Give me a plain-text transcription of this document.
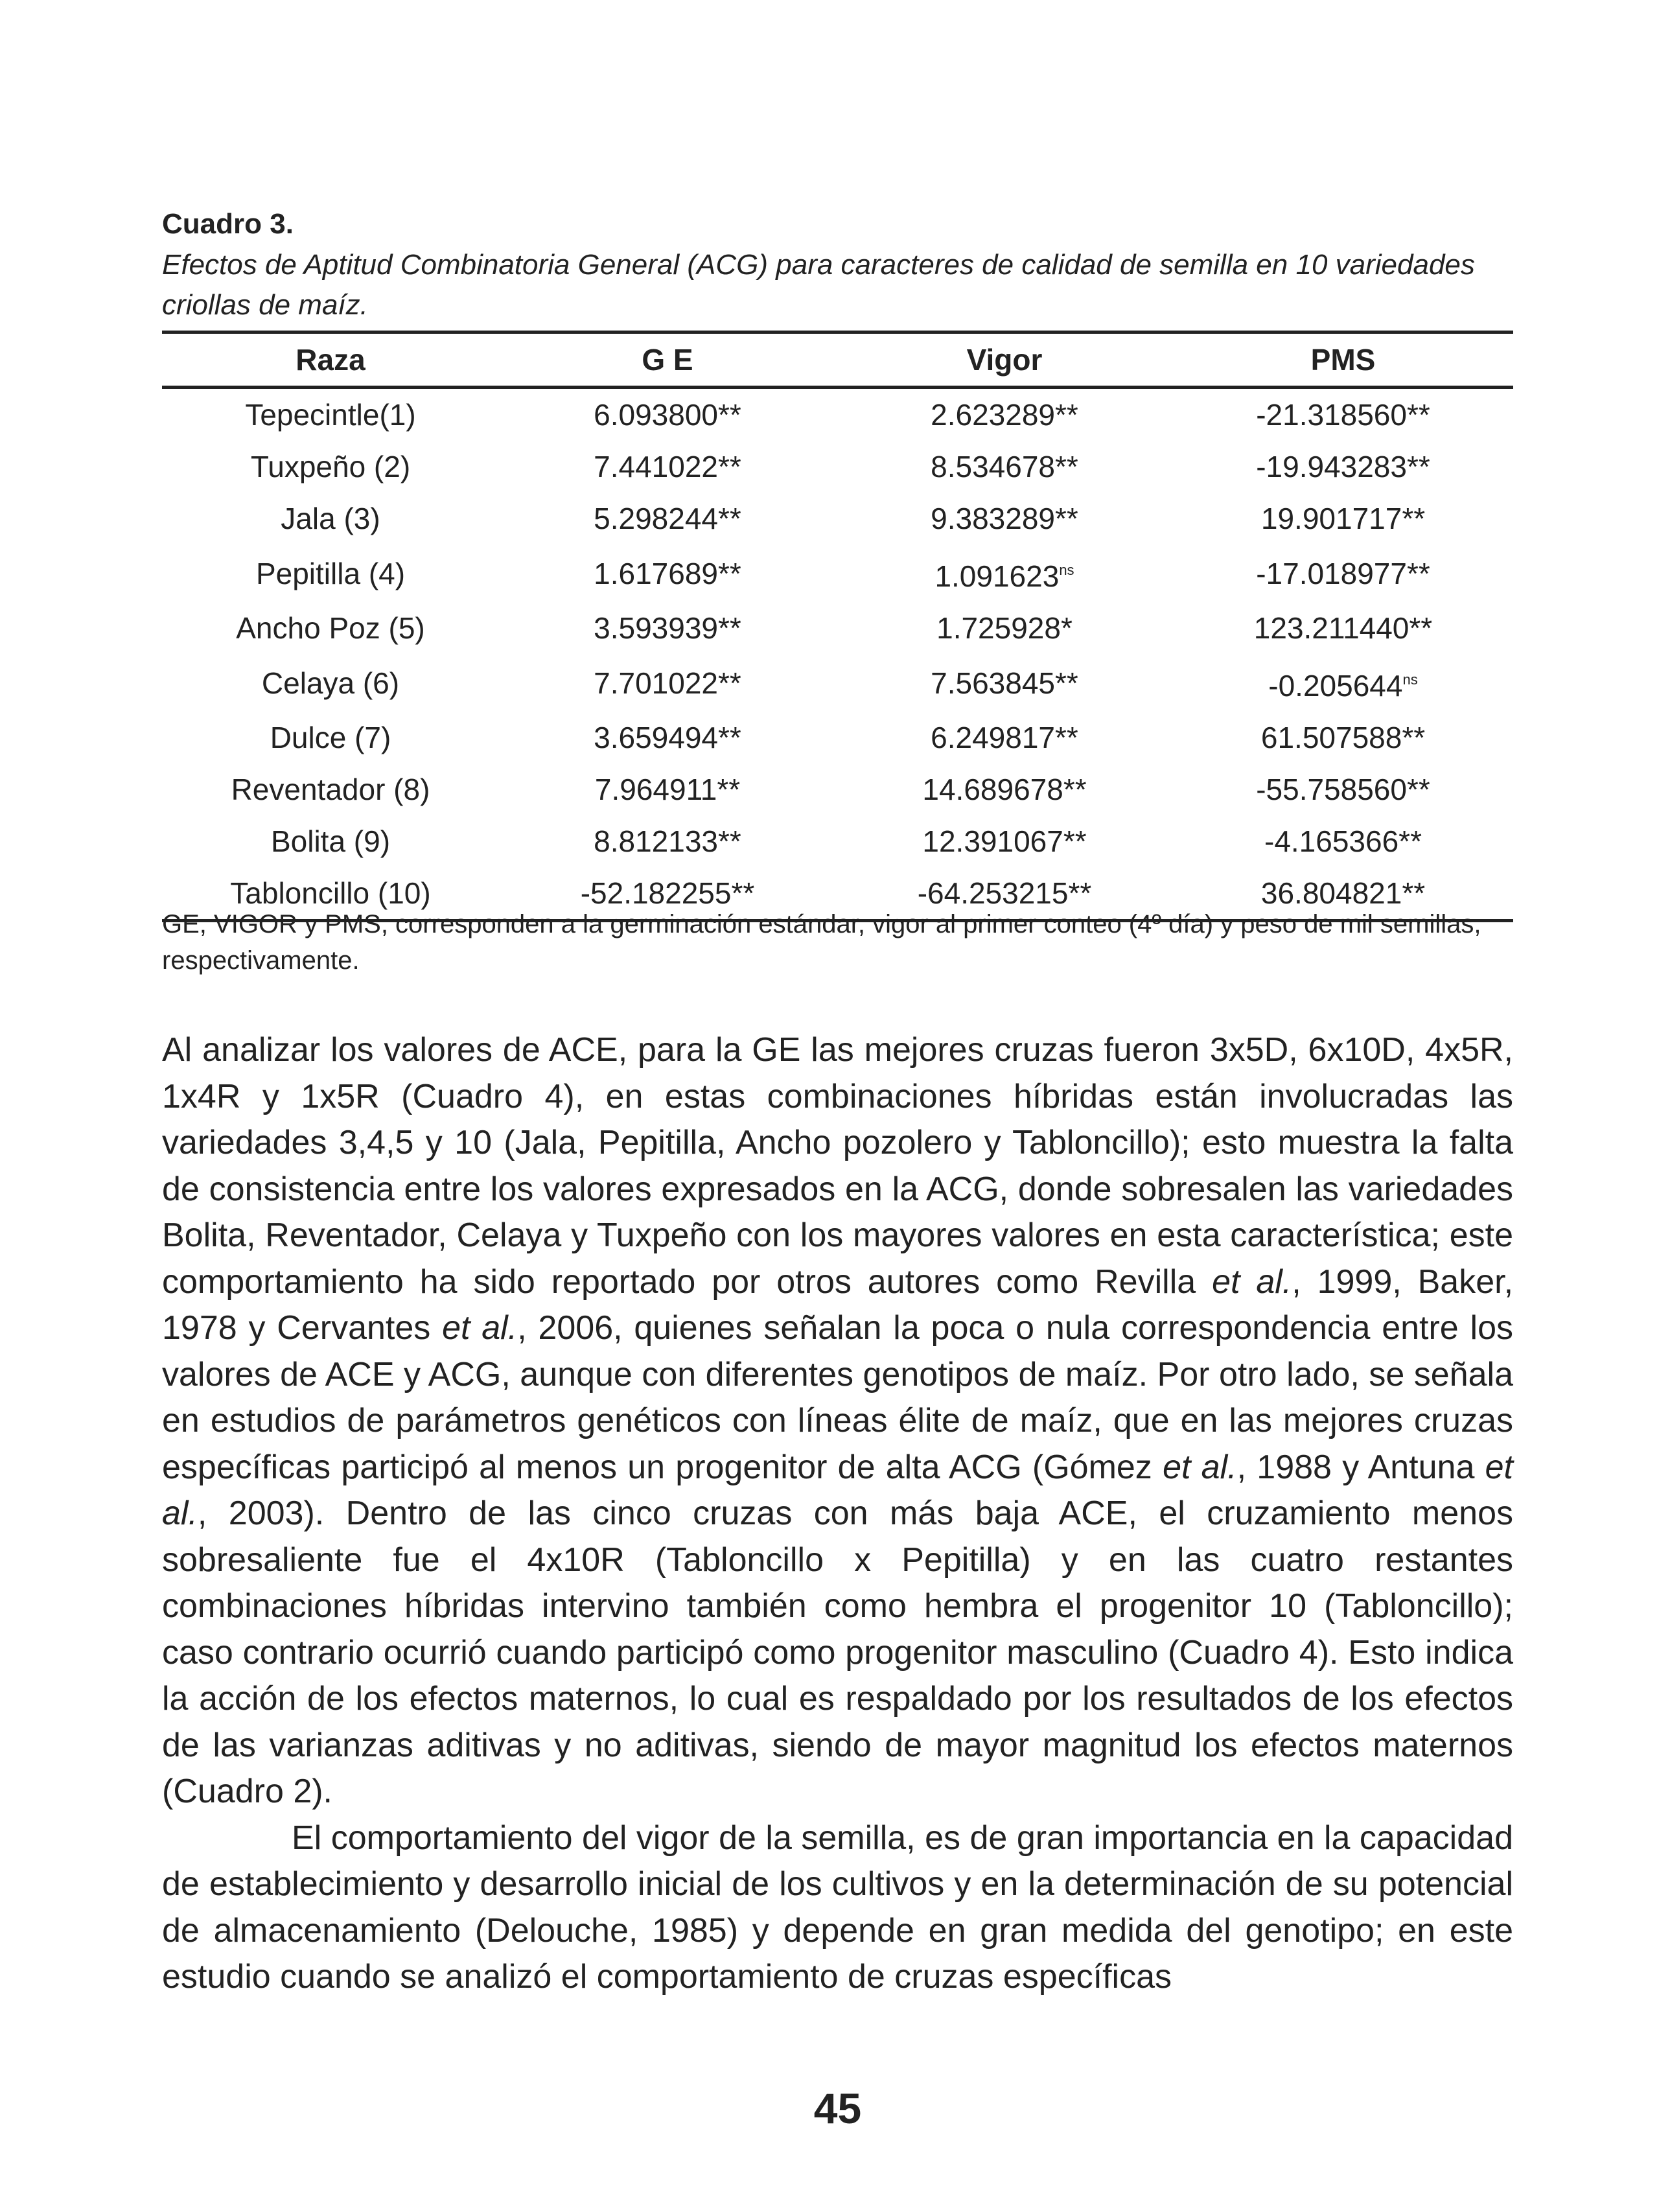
Cuadro 3.
Efectos de Aptitud Combinatoria General (ACG) para caracteres de calidad de semilla en 10 variedades criollas de maíz.
Raza	G E	Vigor	PMS
Tepecintle(1)	6.093800**	2.623289**	-21.318560**
Tuxpeño (2)	7.441022**	8.534678**	-19.943283**
Jala (3)	5.298244**	9.383289**	19.901717**
Pepitilla (4)	1.617689**	$1.091623^{ns}$	-17.018977**
Ancho Poz (5)	3.593939**	1.725928*	123.211440**
Celaya (6)	7.701022**	7.563845**	$-0.205644^{ns}$
Dulce (7)	3.659494**	6.249817**	61.507588**
Reventador (8)	7.964911**	14.689678**	-55.758560**
Bolita (9)	8.812133**	12.391067**	-4.165366**
Tabloncillo (10)	-52.182255**	-64.253215**	36.804821**
GE, VIGOR y PMS, corresponden a la germinación estándar, vigor al primer conteo (4º día) y peso de mil semillas, respectivamente.

Al analizar los valores de ACE, para la GE las mejores cruzas fueron 3x5D, 6x10D, 4x5R, 1x4R y 1x5R (Cuadro 4), en estas combinaciones híbridas están involucradas las variedades 3,4,5 y 10 (Jala, Pepitilla, Ancho pozolero y Tabloncillo); esto muestra la falta de consistencia entre los valores expresados en la ACG, donde sobresalen las variedades Bolita, Reventador, Celaya y Tuxpeño con los mayores valores en esta característica; este comportamiento ha sido reportado por otros autores como Revilla et al., 1999, Baker, 1978 y Cervantes et al., 2006, quienes señalan la poca o nula correspondencia entre los valores de ACE y ACG, aunque con diferentes genotipos de maíz. Por otro lado, se señala en estudios de parámetros genéticos con líneas élite de maíz, que en las mejores cruzas específicas participó al menos un progenitor de alta ACG (Gómez et al., 1988 y Antuna et al., 2003). Dentro de las cinco cruzas con más baja ACE, el cruzamiento menos sobresaliente fue el 4x10R (Tabloncillo x Pepitilla) y en las cuatro restantes combinaciones híbridas intervino también como hembra el progenitor 10 (Tabloncillo); caso contrario ocurrió cuando participó como progenitor masculino (Cuadro 4). Esto indica la acción de los efectos maternos, lo cual es respaldado por los resultados de los efectos de las varianzas aditivas y no aditivas, siendo de mayor magnitud los efectos maternos (Cuadro 2).

El comportamiento del vigor de la semilla, es de gran importancia en la capacidad de establecimiento y desarrollo inicial de los cultivos y en la determinación de su potencial de almacenamiento (Delouche, 1985) y depende en gran medida del genotipo; en este estudio cuando se analizó el comportamiento de cruzas específicas

45
